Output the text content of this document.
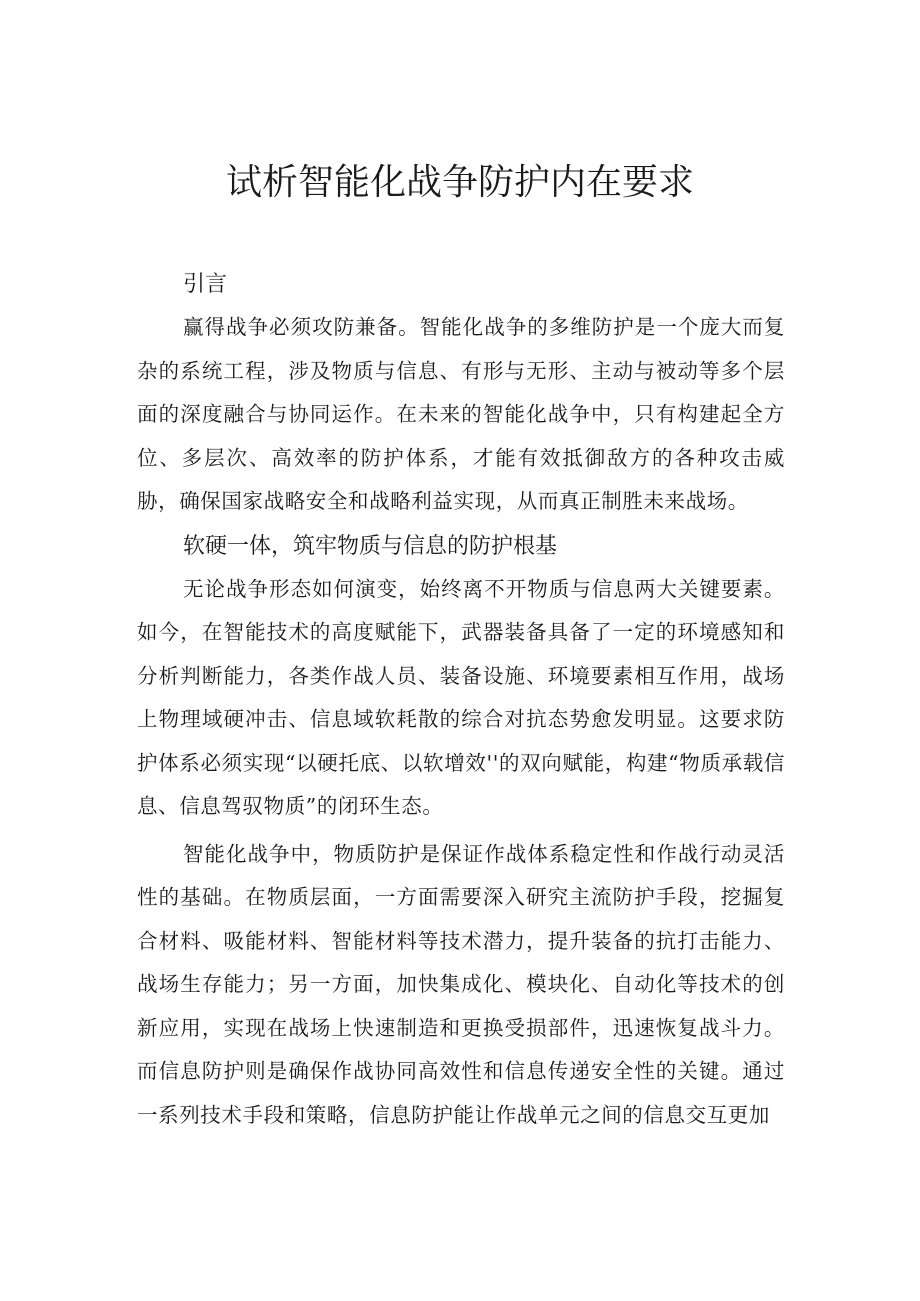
试析智能化战争防护内在要求
引言

赢得战争必须攻防兼备。智能化战争的多维防护是一个庞大而复杂的系统工程，涉及物质与信息、有形与无形、主动与被动等多个层面的深度融合与协同运作。在未来的智能化战争中，只有构建起全方位、多层次、高效率的防护体系，才能有效抵御敌方的各种攻击威胁，确保国家战略安全和战略利益实现，从而真正制胜未来战场。

软硬一体，筑牢物质与信息的防护根基

无论战争形态如何演变，始终离不开物质与信息两大关键要素。如今，在智能技术的高度赋能下，武器装备具备了一定的环境感知和分析判断能力，各类作战人员、装备设施、环境要素相互作用，战场上物理域硬冲击、信息域软耗散的综合对抗态势愈发明显。这要求防护体系必须实现“以硬托底、以软增效''的双向赋能，构建“物质承载信息、信息驾驭物质”的闭环生态。

智能化战争中，物质防护是保证作战体系稳定性和作战行动灵活性的基础。在物质层面，一方面需要深入研究主流防护手段，挖掘复合材料、吸能材料、智能材料等技术潜力，提升装备的抗打击能力、战场生存能力；另一方面，加快集成化、模块化、自动化等技术的创新应用，实现在战场上快速制造和更换受损部件，迅速恢复战斗力。而信息防护则是确保作战协同高效性和信息传递安全性的关键。通过一系列技术手段和策略，信息防护能让作战单元之间的信息交互更加
